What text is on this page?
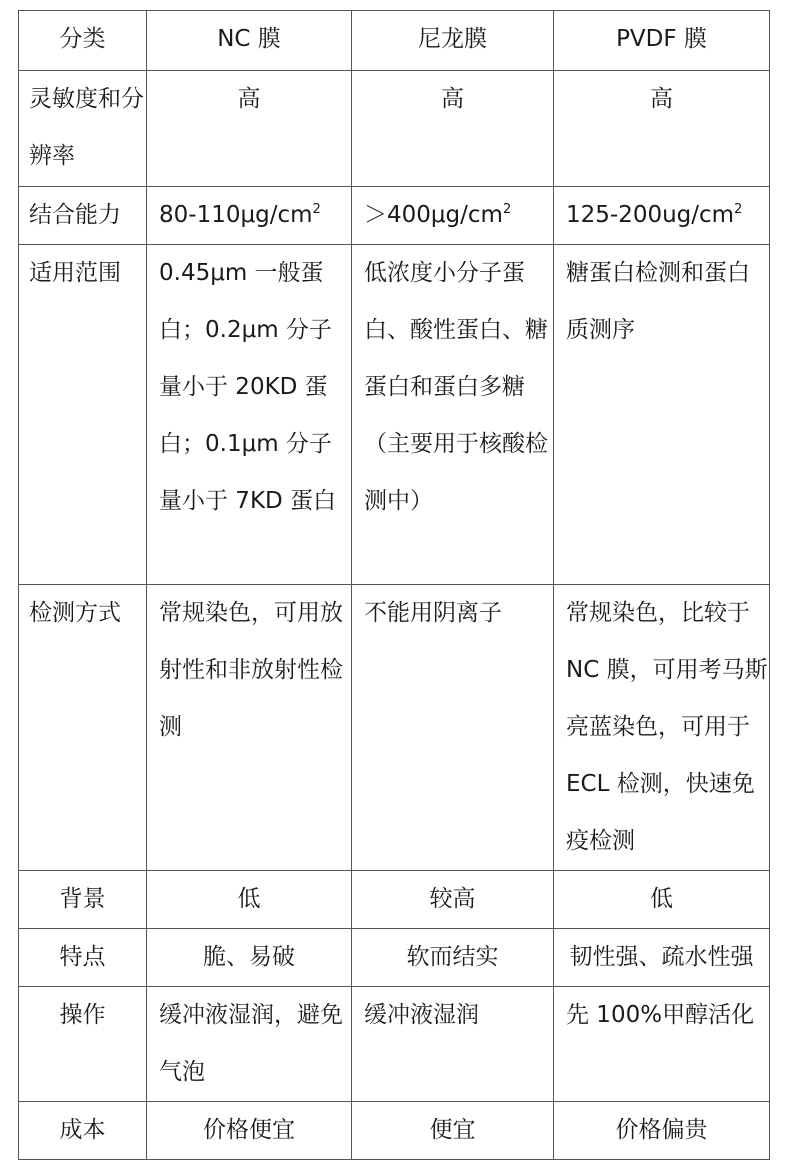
分类	NC 膜	尼龙膜	PVDF 膜
灵敏度和分辨率	高	高	高
结合能力	$80-110\mu g/cm^2$	$>400\mu g/cm^2$	$125-200ug/cm^2$
适用范围	0.45μm 一般蛋白；0.2μm 分子量小于 20KD 蛋白；0.1μm 分子量小于 7KD 蛋白	低浓度小分子蛋白、酸性蛋白、糖蛋白和蛋白多糖（主要用于核酸检测中）	糖蛋白检测和蛋白质测序
检测方式	常规染色，可用放射性和非放射性检测	不能用阴离子	常规染色，比较于 NC 膜，可用考马斯亮蓝染色，可用于 ECL 检测，快速免疫检测
背景	低	较高	低
特点	脆、易破	软而结实	韧性强、疏水性强
操作	缓冲液湿润，避免气泡	缓冲液湿润	先 100%甲醇活化
成本	价格便宜	便宜	价格偏贵
